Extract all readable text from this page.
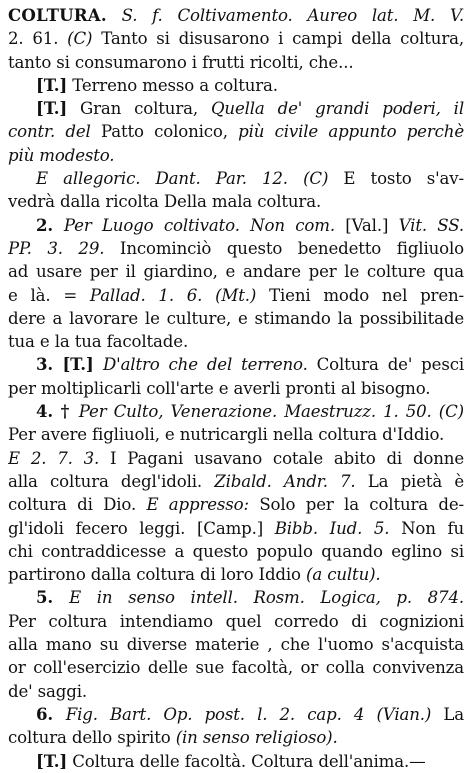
COLTURA. S. f. Coltivamento. Aureo lat. M. V.
2. 61. (C) Tanto si disusarono i campi della coltura,
tanto si consumarono i frutti ricolti, che...
[T.] Terreno messo a coltura.
[T.] Gran coltura, Quella de' grandi poderi, il
contr. del Patto colonico, più civile appunto perchè
più modesto.
E allegoric. Dant. Par. 12. (C) E tosto s'av-
vedrà dalla ricolta Della mala coltura.
2. Per Luogo coltivato. Non com. [Val.] Vit. SS.
PP. 3. 29. Incominciò questo benedetto figliuolo
ad usare per il giardino, e andare per le colture qua
e là. = Pallad. 1. 6. (Mt.) Tieni modo nel pren-
dere a lavorare le culture, e stimando la possibilitade
tua e la tua facoltade.
3. [T.] D'altro che del terreno. Coltura de' pesci
per moltiplicarli coll'arte e averli pronti al bisogno.
4. † Per Culto, Venerazione. Maestruzz. 1. 50. (C)
Per avere figliuoli, e nutricargli nella coltura d'Iddio.
E 2. 7. 3. I Pagani usavano cotale abito di donne
alla coltura degl'idoli. Zibald. Andr. 7. La pietà è
coltura di Dio. E appresso: Solo per la coltura de-
gl'idoli fecero leggi. [Camp.] Bibb. Iud. 5. Non fu
chi contraddicesse a questo populo quando eglino si
partirono dalla coltura di loro Iddio (a cultu).
5. E in senso intell. Rosm. Logica, p. 874.
Per coltura intendiamo quel corredo di cognizioni
alla mano su diverse materie , che l'uomo s'acquista
or coll'esercizio delle sue facoltà, or colla convivenza
de' saggi.
6. Fig. Bart. Op. post. l. 2. cap. 4 (Vian.) La
coltura dello spirito (in senso religioso).
[T.] Coltura delle facoltà. Coltura dell'anima.—
